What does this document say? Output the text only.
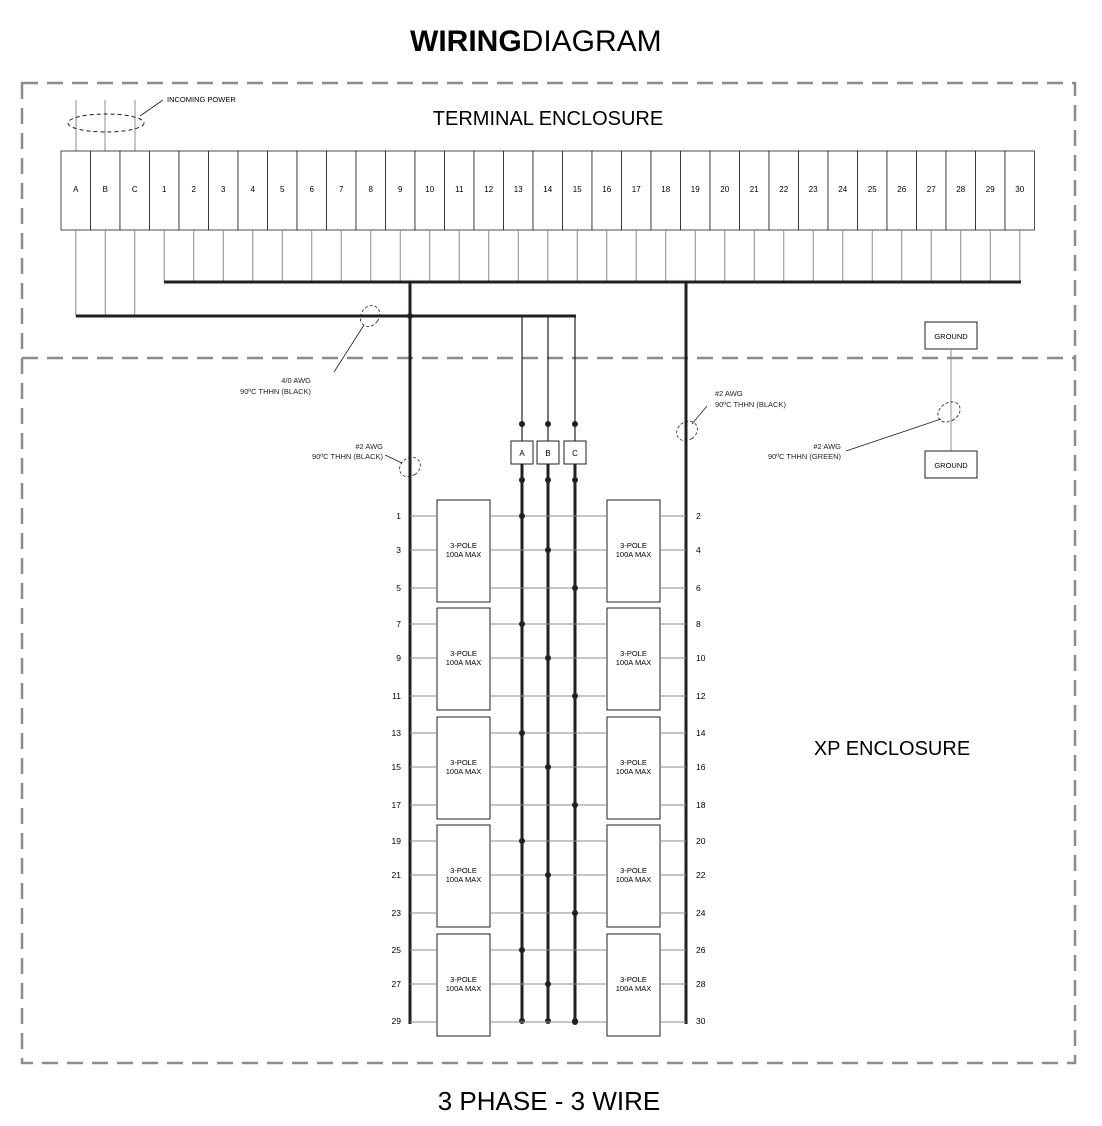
WIRINGDIAGRAM
TERMINAL ENCLOSURE
XP ENCLOSURE
INCOMING POWER
A	B	C	1	2	3	4	5	6	7	8	9	10	11	12	13	14	15	16	17	18	19	20	21	22	23	24	25	26	27	28	29	30
A	B	C
3-POLE
100A MAX
3-POLE
100A MAX
3-POLE
100A MAX
3-POLE
100A MAX
3-POLE
100A MAX
3-POLE
100A MAX
3-POLE
100A MAX
3-POLE
100A MAX
3-POLE
100A MAX
3-POLE
100A MAX
1
3
5
7
9
11
13
15
17
19
21
23
25
27
29
2
4
6
8
10
12
14
16
18
20
22
24
26
28
30
GROUND
GROUND
4/0 AWG
90ºC THHN (BLACK)
#2 AWG
90ºC THHN (BLACK)
#2 AWG
90ºC THHN (BLACK)
#2 AWG
90ºC THHN (GREEN)
3 PHASE - 3 WIRE
